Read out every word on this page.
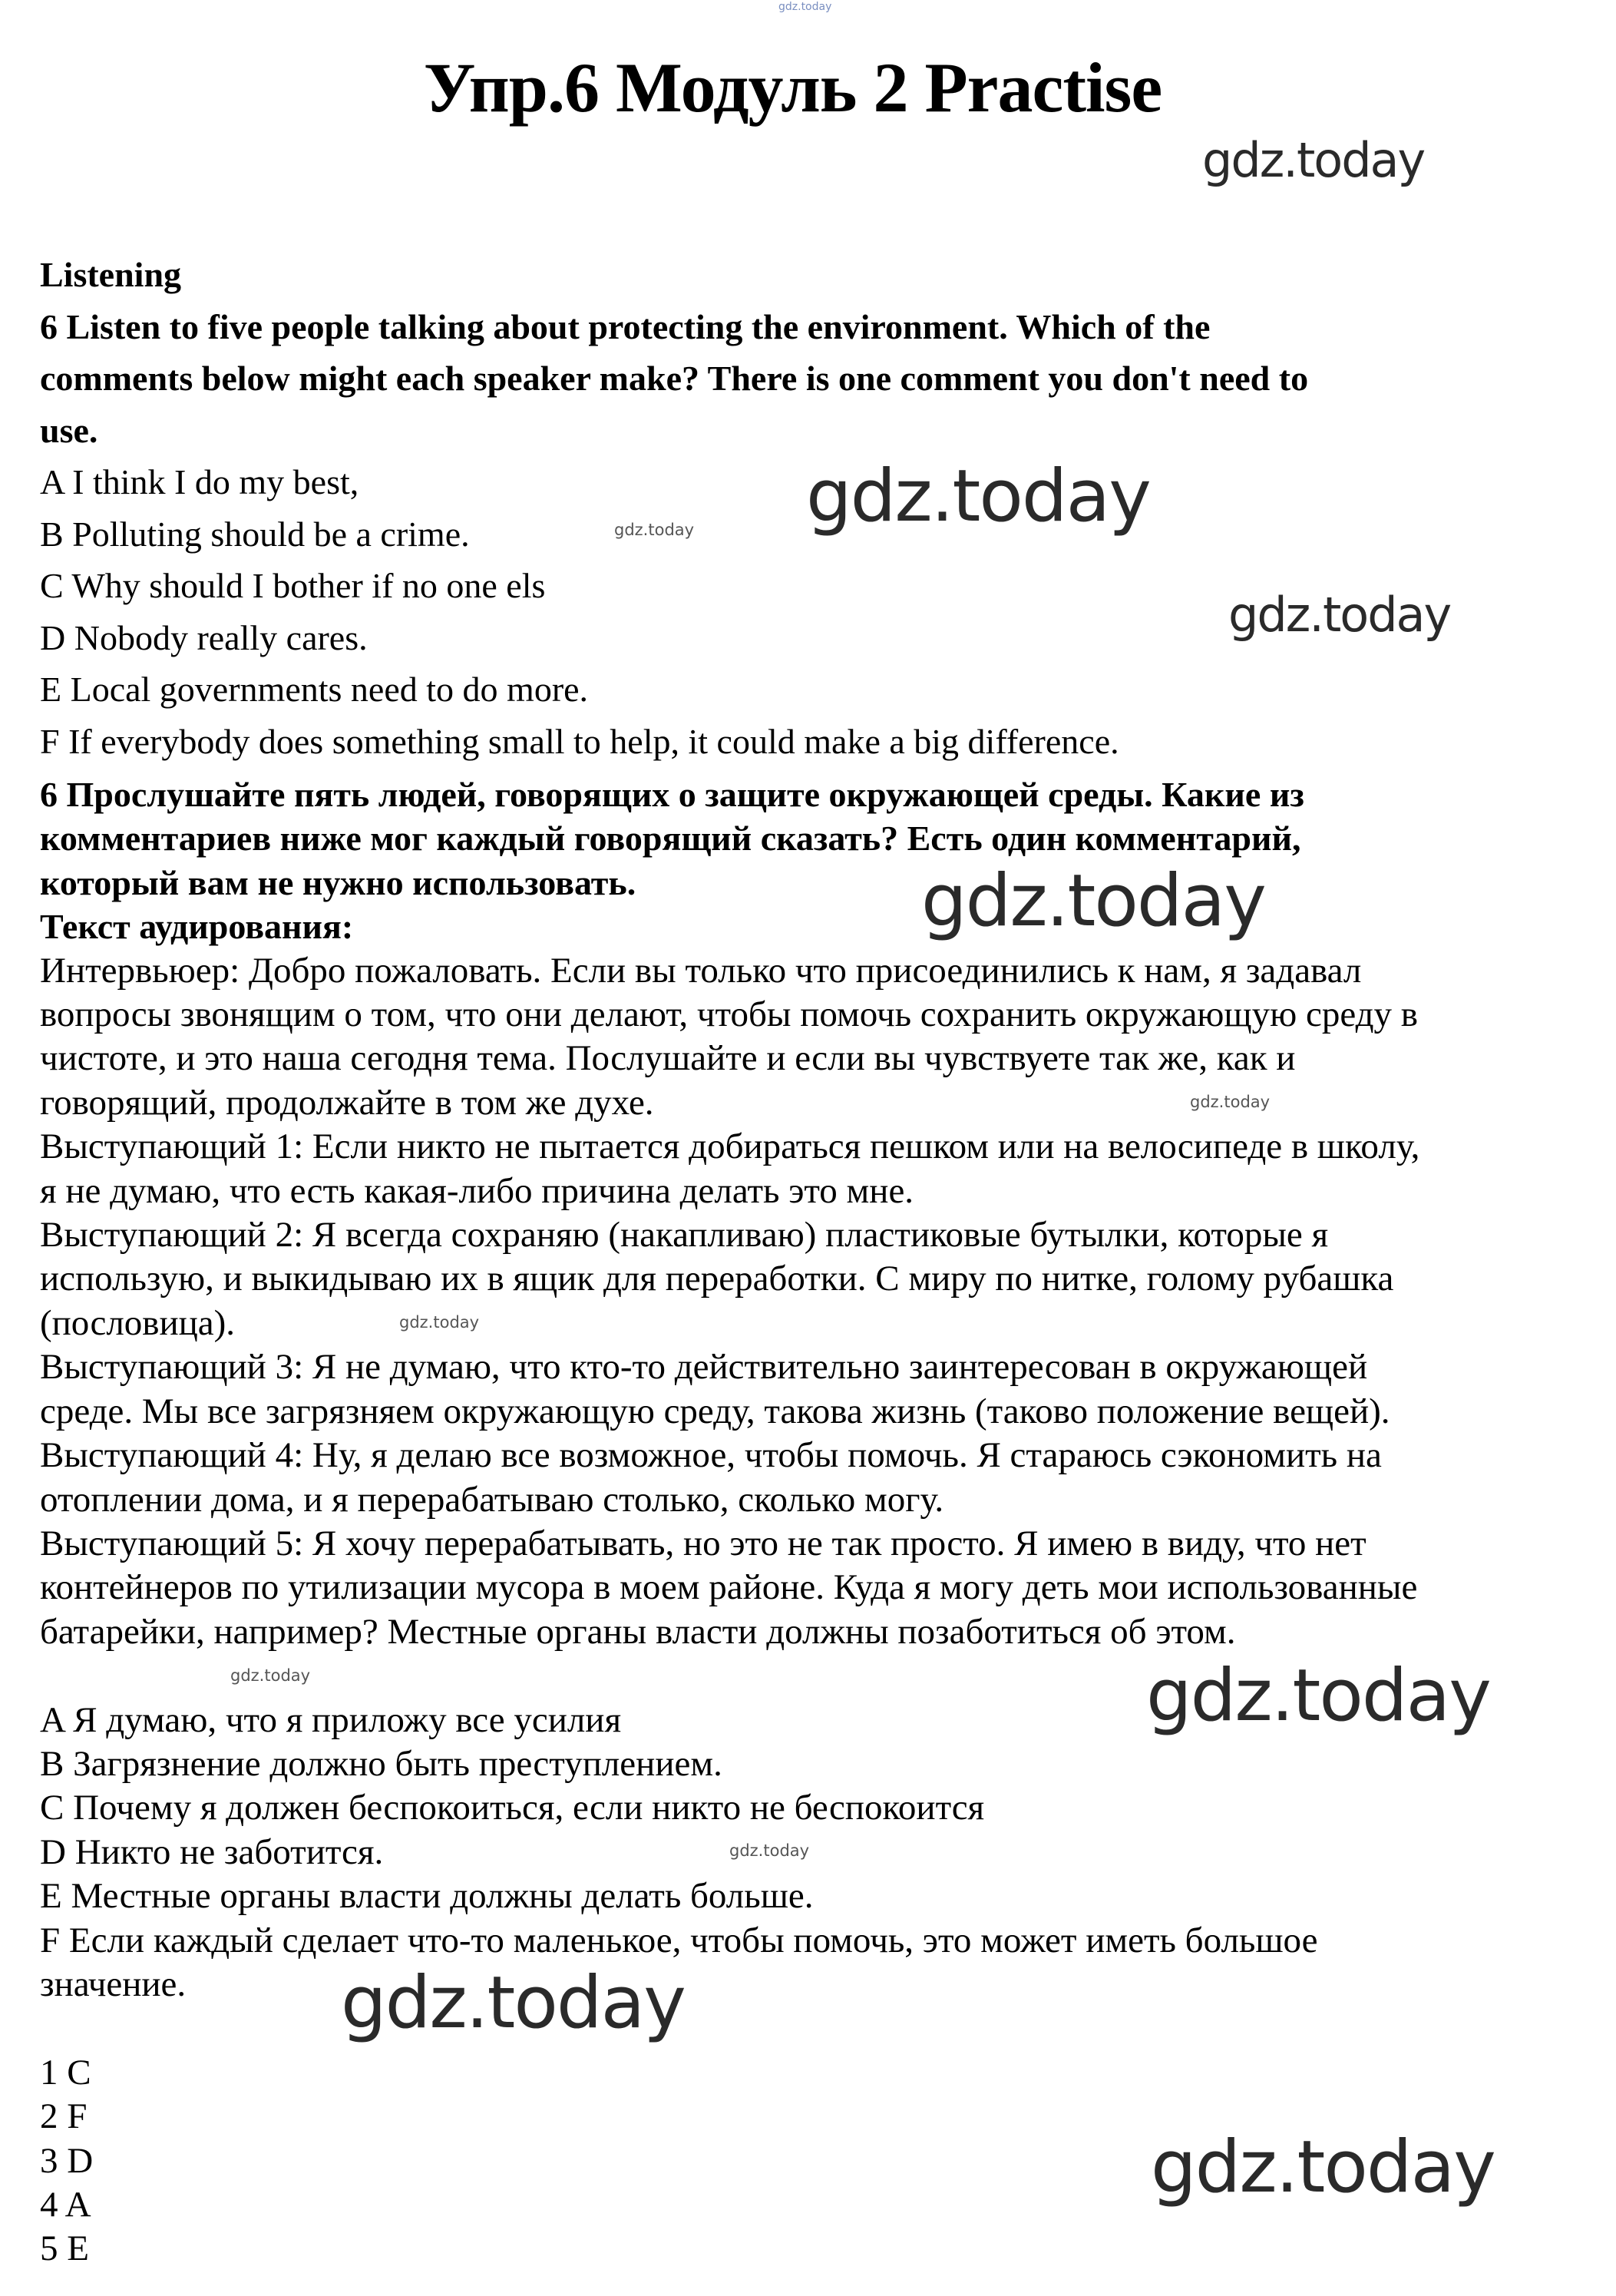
gdz.today
Упр.6 Модуль 2 Practise
Listening
6 Listen to five people talking about protecting the environment. Which of the
comments below might each speaker make? There is one comment you don't need to
use.
A I think I do my best,
B Polluting should be a crime.
C Why should I bother if no one els
D Nobody really cares.
E Local governments need to do more.
F If everybody does something small to help, it could make a big difference.
6 Прослушайте пять людей, говорящих о защите окружающей среды. Какие из
комментариев ниже мог каждый говорящий сказать? Есть один комментарий,
который вам не нужно использовать.
Текст аудирования:
Интервьюер: Добро пожаловать. Если вы только что присоединились к нам, я задавал
вопросы звонящим о том, что они делают, чтобы помочь сохранить окружающую среду в
чистоте, и это наша сегодня тема. Послушайте и если вы чувствуете так же, как и
говорящий, продолжайте в том же духе.
Выступающий 1: Если никто не пытается добираться пешком или на велосипеде в школу,
я не думаю, что есть какая-либо причина делать это мне.
Выступающий 2: Я всегда сохраняю (накапливаю) пластиковые бутылки, которые я
использую, и выкидываю их в ящик для переработки. С миру по нитке, голому рубашка
(пословица).
Выступающий 3: Я не думаю, что кто-то действительно заинтересован в окружающей
среде. Мы все загрязняем окружающую среду, такова жизнь (таково положение вещей).
Выступающий 4: Ну, я делаю все возможное, чтобы помочь. Я стараюсь сэкономить на
отоплении дома, и я перерабатываю столько, сколько могу.
Выступающий 5: Я хочу перерабатывать, но это не так просто. Я имею в виду, что нет
контейнеров по утилизации мусора в моем районе. Куда я могу деть мои использованные
батарейки, например? Местные органы власти должны позаботиться об этом.
A Я думаю, что я приложу все усилия
B Загрязнение должно быть преступлением.
C Почему я должен беспокоиться, если никто не беспокоится
D Никто не заботится.
E Местные органы власти должны делать больше.
F Если каждый сделает что-то маленькое, чтобы помочь, это может иметь большое
значение.
1 C
2 F
3 D
4 A
5 E
gdz.today
gdz.today
gdz.today
gdz.today
gdz.today
gdz.today
gdz.today
gdz.today
gdz.today
gdz.today
gdz.today
gdz.today
